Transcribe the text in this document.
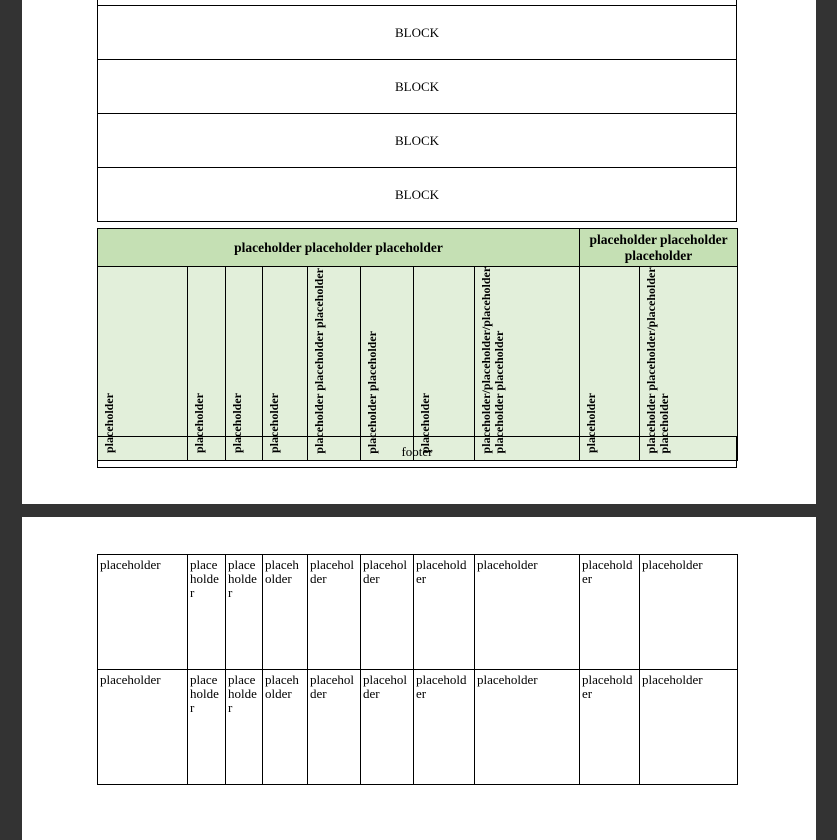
BLOCK
BLOCK
BLOCK
BLOCK
placeholder placeholder placeholder								placeholder placeholder placeholder	
placeholder	placeholder	placeholder	placeholder	placeholder placeholder placeholder	placeholder placeholder	placeholder	placeholder/placeholder/placeholder placeholder placeholder	placeholder	placeholder placeholder/placeholder placeholder
footer
placeholder	placeholder	placeholder	placeholder	placeholder	placeholder	placeholder	placeholder	placeholder	placeholder
placeholder	placeholder	placeholder	placeholder	placeholder	placeholder	placeholder	placeholder	placeholder	placeholder
